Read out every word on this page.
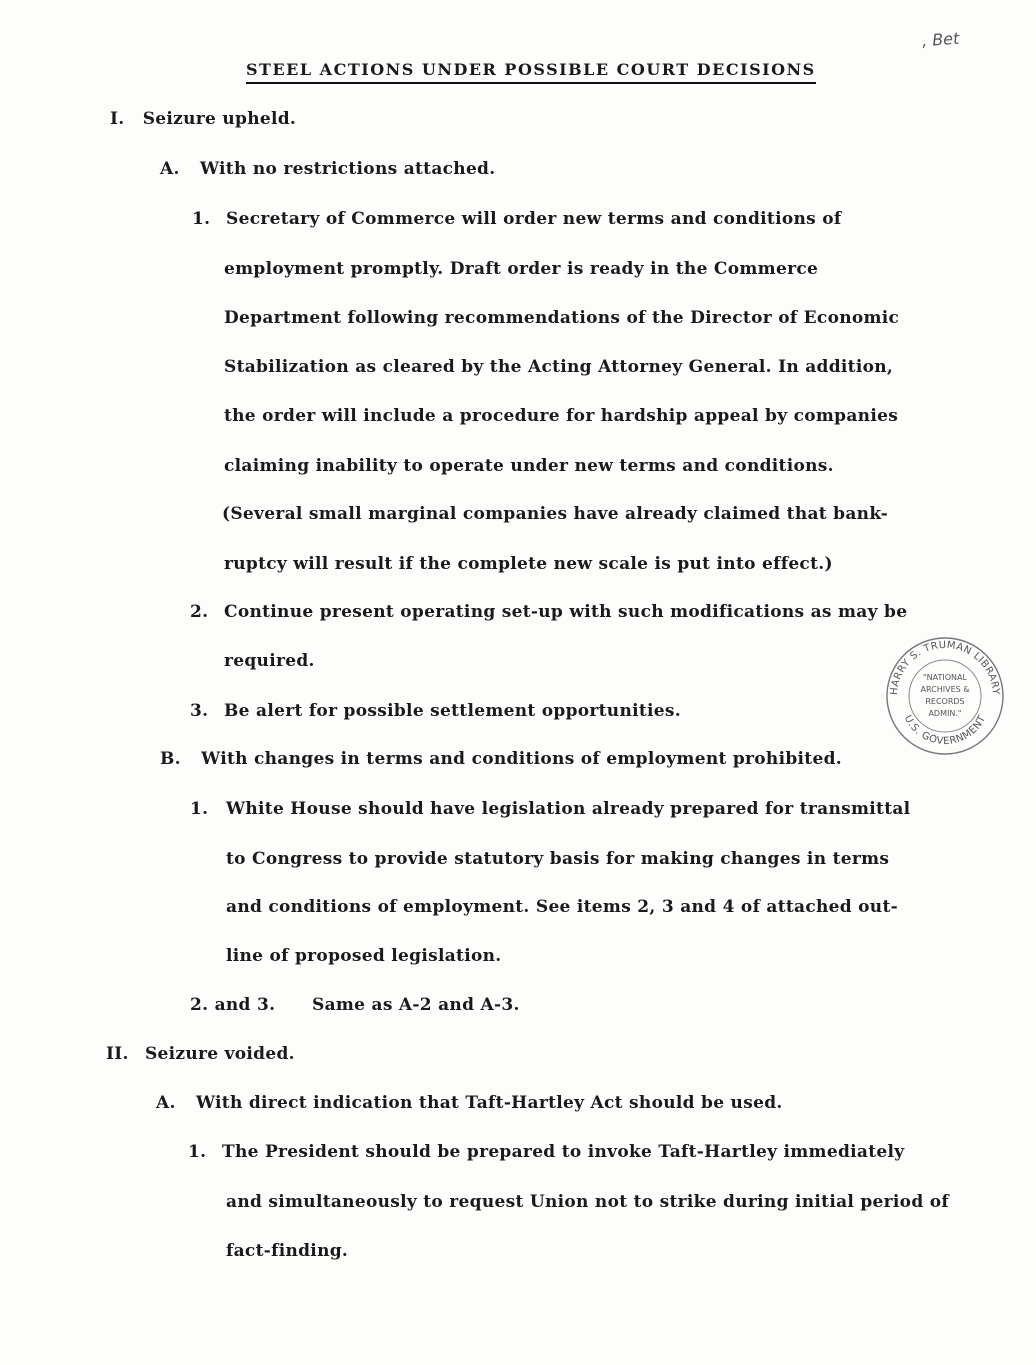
, Bet
STEEL ACTIONS UNDER POSSIBLE COURT DECISIONS
I. Seizure upheld.
A. With no restrictions attached.
1. Secretary of Commerce will order new terms and conditions of
employment promptly. Draft order is ready in the Commerce
Department following recommendations of the Director of Economic
Stabilization as cleared by the Acting Attorney General. In addition,
the order will include a procedure for hardship appeal by companies
claiming inability to operate under new terms and conditions.
(Several small marginal companies have already claimed that bank-
ruptcy will result if the complete new scale is put into effect.)
2. Continue present operating set-up with such modifications as may be
required.
3. Be alert for possible settlement opportunities.
B. With changes in terms and conditions of employment prohibited.
1. White House should have legislation already prepared for transmittal
to Congress to provide statutory basis for making changes in terms
and conditions of employment. See items 2, 3 and 4 of attached out-
line of proposed legislation.
2. and 3. Same as A-2 and A-3.
II. Seizure voided.
A. With direct indication that Taft-Hartley Act should be used.
1. The President should be prepared to invoke Taft-Hartley immediately
and simultaneously to request Union not to strike during initial period of
fact-finding.
HARRY S. TRUMAN LIBRARY
U.S. GOVERNMENT
"NATIONAL
ARCHIVES &
RECORDS
ADMIN."
